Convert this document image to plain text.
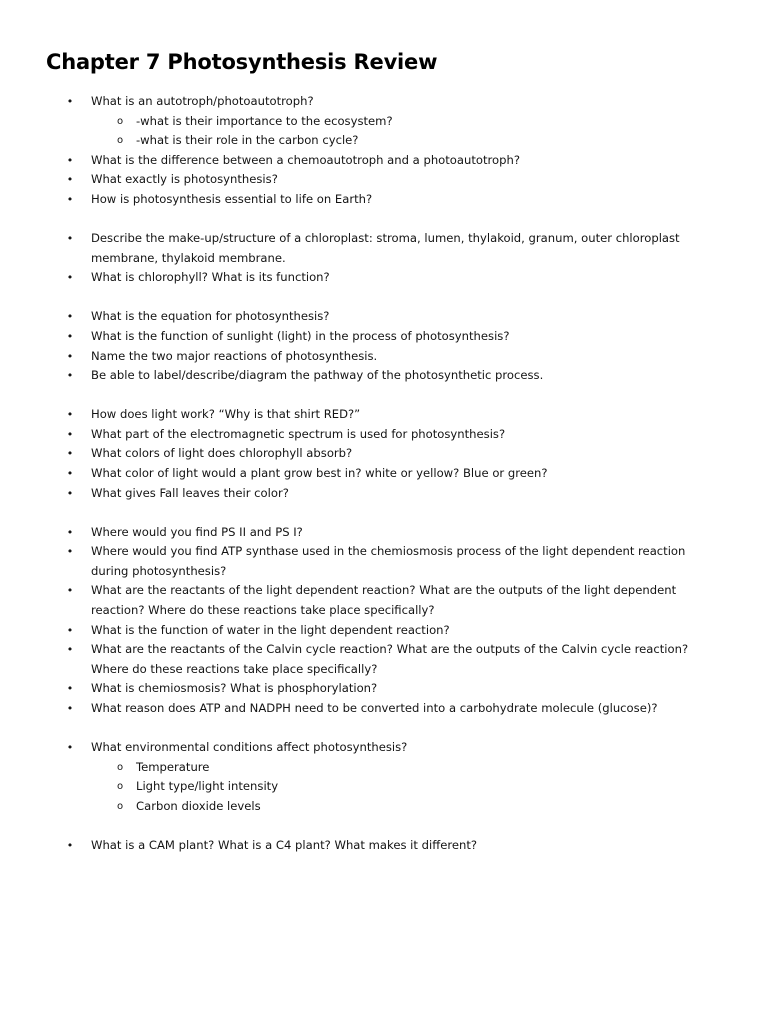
Chapter 7 Photosynthesis Review
• What is an autotroph/photoautotroph?
o -what is their importance to the ecosystem?
o -what is their role in the carbon cycle?
• What is the difference between a chemoautotroph and a photoautotroph?
• What exactly is photosynthesis?
• How is photosynthesis essential to life on Earth?
• Describe the make-up/structure of a chloroplast: stroma, lumen, thylakoid, granum, outer chloroplast membrane, thylakoid membrane.
• What is chlorophyll? What is its function?
• What is the equation for photosynthesis?
• What is the function of sunlight (light) in the process of photosynthesis?
• Name the two major reactions of photosynthesis.
• Be able to label/describe/diagram the pathway of the photosynthetic process.
• How does light work? “Why is that shirt RED?”
• What part of the electromagnetic spectrum is used for photosynthesis?
• What colors of light does chlorophyll absorb?
• What color of light would a plant grow best in? white or yellow? Blue or green?
• What gives Fall leaves their color?
• Where would you find PS II and PS I?
• Where would you find ATP synthase used in the chemiosmosis process of the light dependent reaction during photosynthesis?
• What are the reactants of the light dependent reaction? What are the outputs of the light dependent reaction? Where do these reactions take place specifically?
• What is the function of water in the light dependent reaction?
• What are the reactants of the Calvin cycle reaction? What are the outputs of the Calvin cycle reaction? Where do these reactions take place specifically?
• What is chemiosmosis? What is phosphorylation?
• What reason does ATP and NADPH need to be converted into a carbohydrate molecule (glucose)?
• What environmental conditions affect photosynthesis?
o Temperature
o Light type/light intensity
o Carbon dioxide levels
• What is a CAM plant? What is a C4 plant? What makes it different?
